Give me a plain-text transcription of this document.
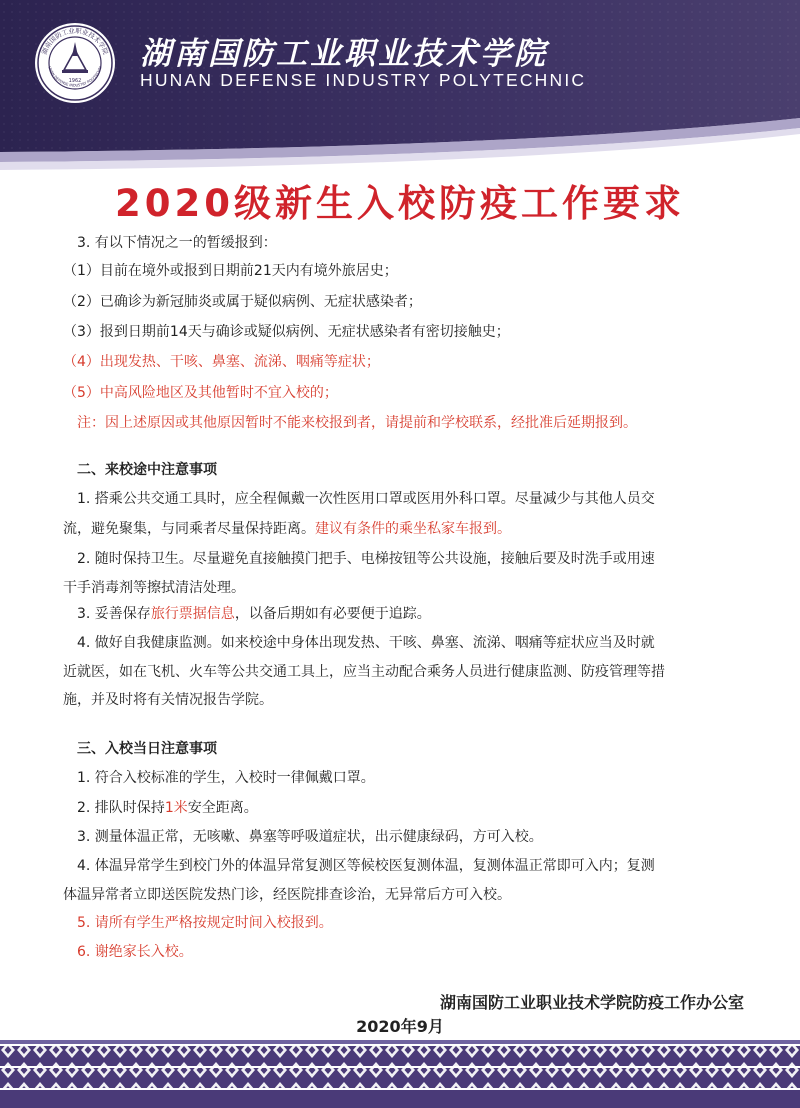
湖南国防工业职业技术学院
UNAN DEFENSE INDUSTRY POLYTECHNI
1962
湖南国防工业职业技术学院
HUNAN DEFENSE INDUSTRY POLYTECHNIC
2020级新生入校防疫工作要求
3. 有以下情况之一的暂缓报到：
（1）目前在境外或报到日期前21天内有境外旅居史；
（2）已确诊为新冠肺炎或属于疑似病例、无症状感染者；
（3）报到日期前14天与确诊或疑似病例、无症状感染者有密切接触史；
（4）出现发热、干咳、鼻塞、流涕、咽痛等症状；
（5）中高风险地区及其他暂时不宜入校的；
注：因上述原因或其他原因暂时不能来校报到者，请提前和学校联系，经批准后延期报到。
二、来校途中注意事项
1. 搭乘公共交通工具时，应全程佩戴一次性医用口罩或医用外科口罩。尽量减少与其他人员交
流，避免聚集，与同乘者尽量保持距离。建议有条件的乘坐私家车报到。
2. 随时保持卫生。尽量避免直接触摸门把手、电梯按钮等公共设施，接触后要及时洗手或用速
干手消毒剂等擦拭清洁处理。
3. 妥善保存旅行票据信息，以备后期如有必要便于追踪。
4. 做好自我健康监测。如来校途中身体出现发热、干咳、鼻塞、流涕、咽痛等症状应当及时就
近就医，如在飞机、火车等公共交通工具上，应当主动配合乘务人员进行健康监测、防疫管理等措
施，并及时将有关情况报告学院。
三、入校当日注意事项
1. 符合入校标准的学生，入校时一律佩戴口罩。
2. 排队时保持1米安全距离。
3. 测量体温正常，无咳嗽、鼻塞等呼吸道症状，出示健康绿码，方可入校。
4. 体温异常学生到校门外的体温异常复测区等候校医复测体温，复测体温正常即可入内；复测
体温异常者立即送医院发热门诊，经医院排查诊治，无异常后方可入校。
5. 请所有学生严格按规定时间入校报到。
6. 谢绝家长入校。
湖南国防工业职业技术学院防疫工作办公室
2020年9月
